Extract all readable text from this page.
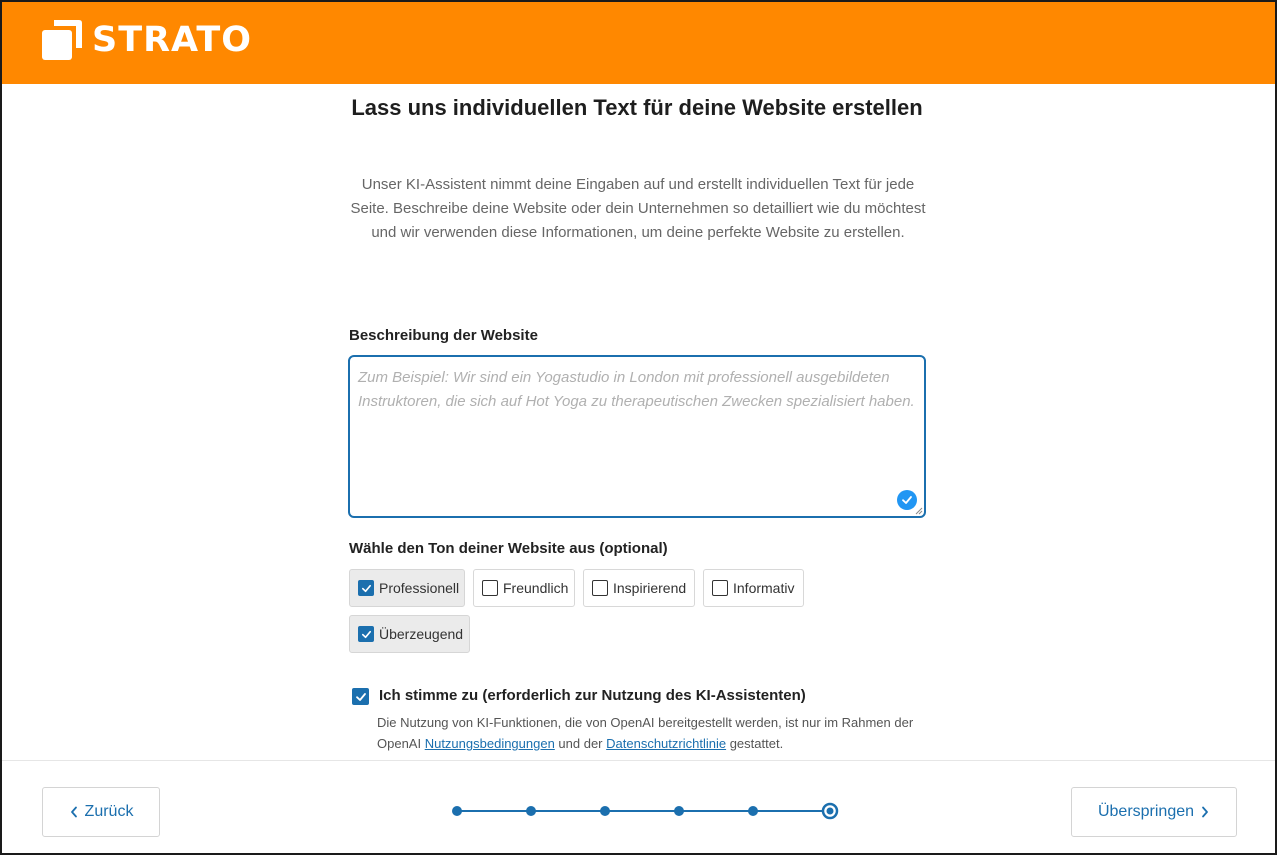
STRATO
Lass uns individuellen Text für deine Website erstellen

Unser KI-Assistent nimmt deine Eingaben auf und erstellt individuellen Text für jede Seite. Beschreibe deine Website oder dein Unternehmen so detailliert wie du möchtest und wir verwenden diese Informationen, um deine perfekte Website zu erstellen.

Beschreibung der Website
Zum Beispiel: Wir sind ein Yogastudio in London mit professionell ausgebildeten Instruktoren, die sich auf Hot Yoga zu therapeutischen Zwecken spezialisiert haben.
Wähle den Ton deiner Website aus (optional)
Professionell	Freundlich	Inspirierend	Informativ
Überzeugend
Ich stimme zu (erforderlich zur Nutzung des KI-Assistenten)
Die Nutzung von KI-Funktionen, die von OpenAI bereitgestellt werden, ist nur im Rahmen der OpenAI Nutzungsbedingungen und der Datenschutzrichtlinie gestattet.
Zurück	Überspringen
